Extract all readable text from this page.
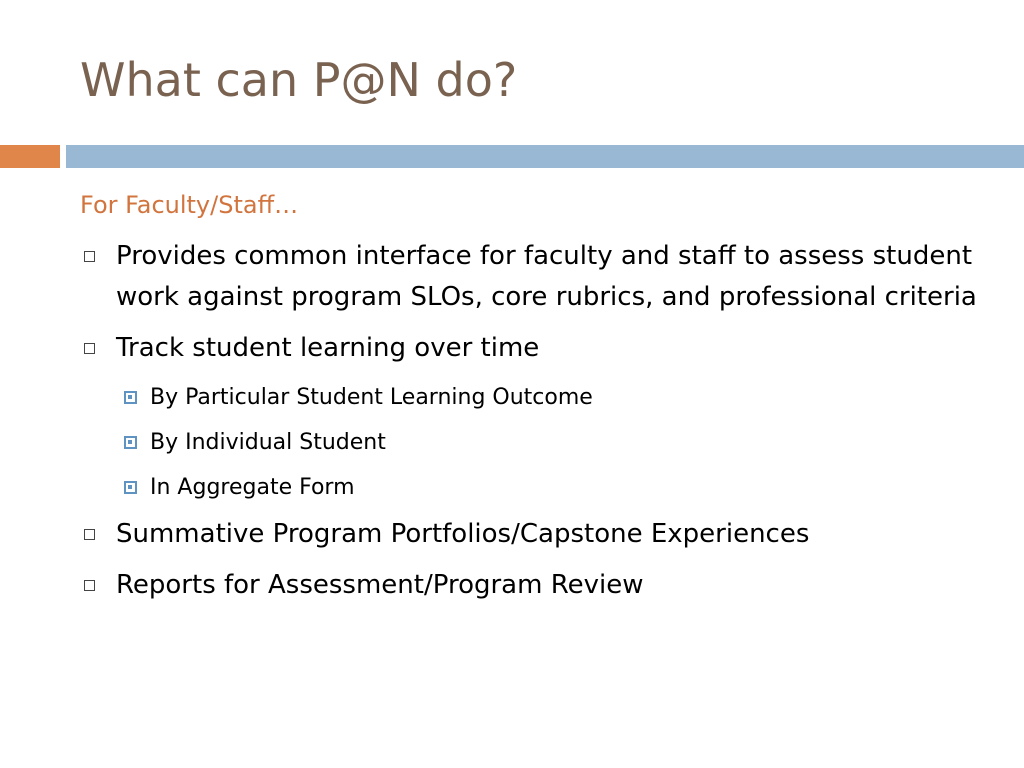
What can P@N do?
For Faculty/Staff…
Provides common interface for faculty and staff to assess student work against program SLOs, core rubrics, and professional criteria
Track student learning over time
By Particular Student Learning Outcome
By Individual Student
In Aggregate Form
Summative Program Portfolios/Capstone Experiences
Reports for Assessment/Program Review
